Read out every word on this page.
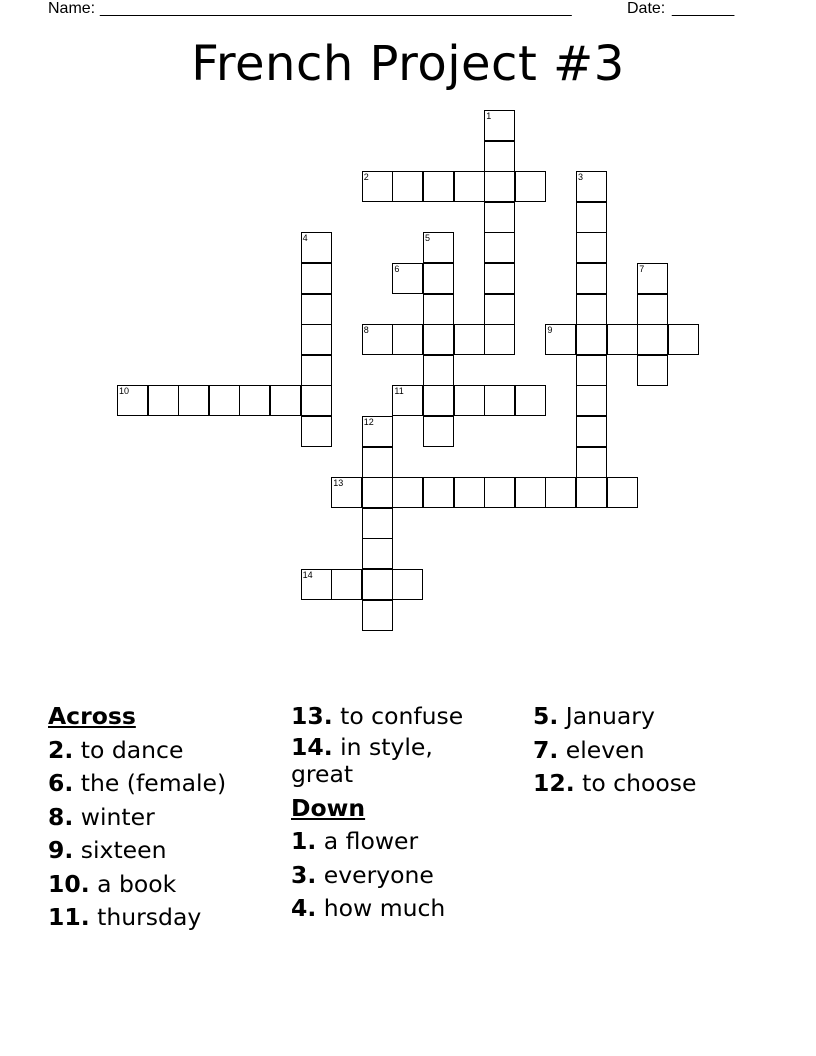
Name: _____________________________________________________	Date: _______
French Project #3
1
2	3
4	5
6	7
8	9
10	11
12
13
14
Across
2. to dance
6. the (female)
8. winter
9. sixteen
10. a book
11. thursday
13. to confuse
14. in style, great
Down
1. a flower
3. everyone
4. how much
5. January
7. eleven
12. to choose
